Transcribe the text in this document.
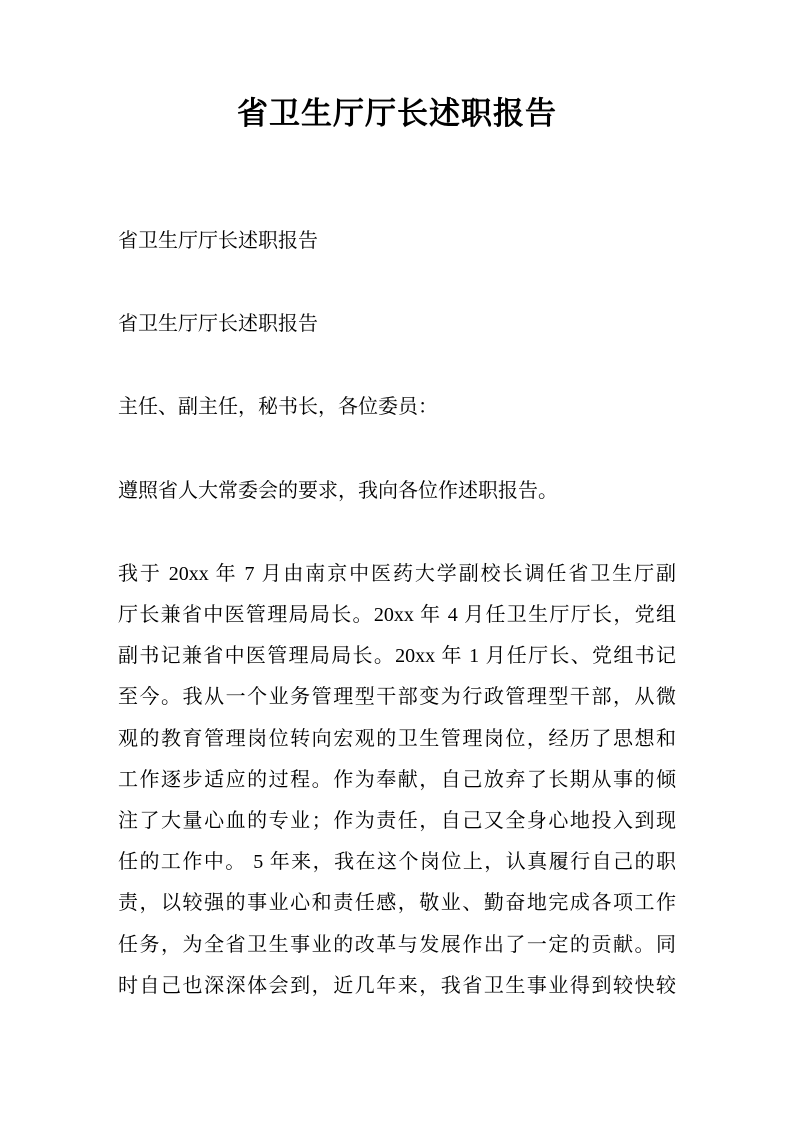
省卫生厅厅长述职报告

省卫生厅厅长述职报告

省卫生厅厅长述职报告

主任、副主任，秘书长，各位委员：

遵照省人大常委会的要求，我向各位作述职报告。

我于 20xx 年 7 月由南京中医药大学副校长调任省卫生厅副
厅长兼省中医管理局局长。20xx 年 4 月任卫生厅厅长，党组
副书记兼省中医管理局局长。20xx 年 1 月任厅长、党组书记
至今。我从一个业务管理型干部变为行政管理型干部，从微
观的教育管理岗位转向宏观的卫生管理岗位，经历了思想和
工作逐步适应的过程。作为奉献，自己放弃了长期从事的倾
注了大量心血的专业；作为责任，自己又全身心地投入到现
任的工作中。 5 年来，我在这个岗位上，认真履行自己的职
责，以较强的事业心和责任感，敬业、勤奋地完成各项工作
任务，为全省卫生事业的改革与发展作出了一定的贡献。同
时自己也深深体会到，近几年来，我省卫生事业得到较快较
